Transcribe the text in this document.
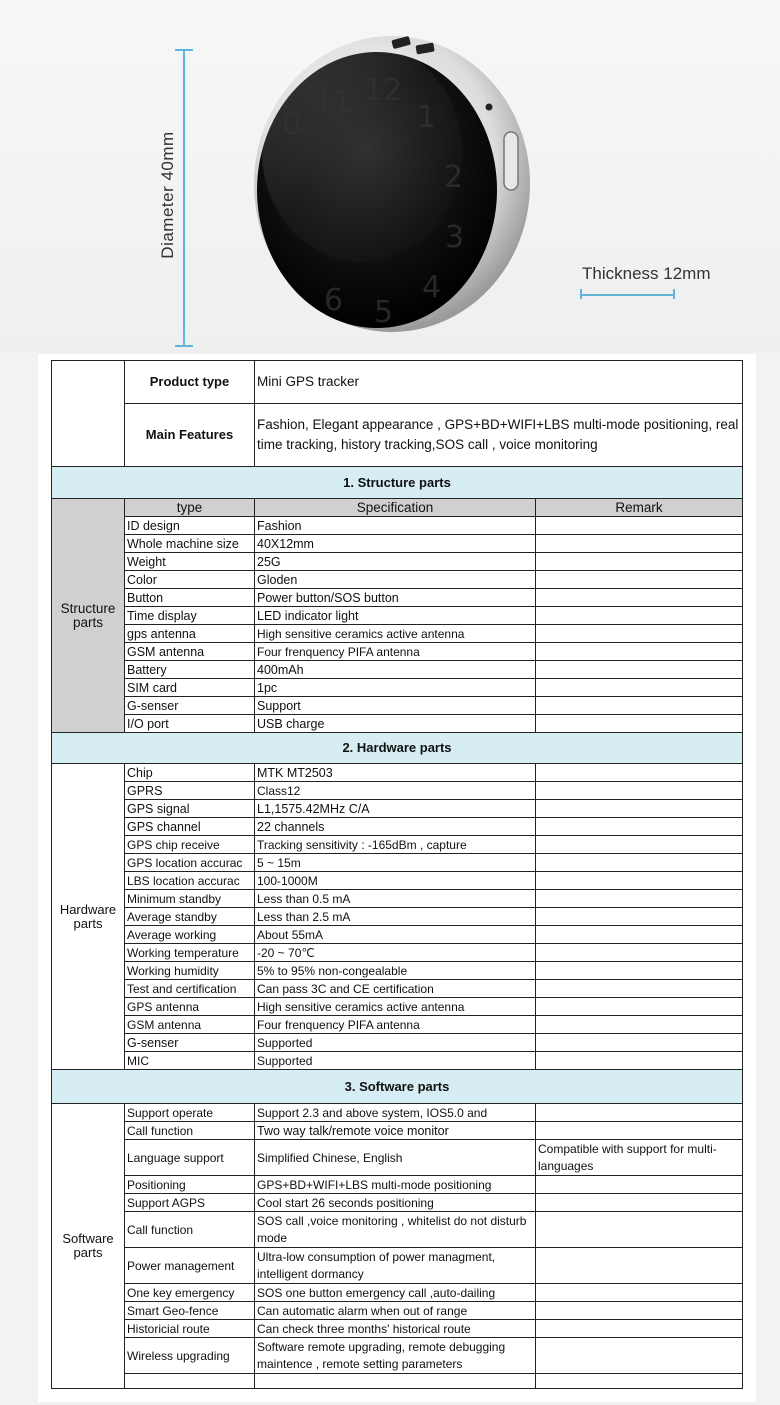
Diameter 40mm
Thickness 12mm
11 12
1
2
3
4
5
6
0
	Product type	Mini GPS tracker	
	Main Features	Fashion, Elegant appearance , GPS+BD+WIFI+LBS multi-mode positioning, real time tracking, history tracking,SOS call , voice monitoring	
1. Structure parts			
Structure parts	type	Specification	Remark
	ID design	Fashion	
	Whole machine size	40X12mm	
	Weight	25G	
	Color	Gloden	
	Button	Power button/SOS button	
	Time display	LED indicator light	
	gps antenna	High sensitive ceramics active antenna	
	GSM antenna	Four frenquency PIFA antenna	
	Battery	400mAh	
	SIM card	1pc	
	G-senser	Support	
	I/O port	USB charge	
2. Hardware parts			
Hardware parts	Chip	MTK MT2503	
	GPRS	Class12	
	GPS signal	L1,1575.42MHz C/A	
	GPS channel	22 channels	
	GPS chip receive	Tracking sensitivity : -165dBm , capture	
	GPS location accurac	5 ~ 15m	
	LBS location accurac	100-1000M	
	Minimum standby	Less than 0.5 mA	
	Average standby	Less than 2.5 mA	
	Average working	About 55mA	
	Working temperature	-20 ~ 70℃	
	Working humidity	5% to 95% non-congealable	
	Test and certification	Can pass 3C and CE certification	
	GPS antenna	High sensitive ceramics active antenna	
	GSM antenna	Four frenquency PIFA antenna	
	G-senser	Supported	
	MIC	Supported	
3. Software parts			
Software parts	Support operate	Support 2.3 and above system, IOS5.0 and	
	Call function	Two way talk/remote voice monitor	
	Language support	Simplified Chinese, English	Compatible with support for multi-languages
	Positioning	GPS+BD+WIFI+LBS multi-mode positioning	
	Support AGPS	Cool start 26 seconds positioning	
	Call function	SOS call ,voice monitoring , whitelist do not disturb mode	
	Power management	Ultra-low consumption of power managment, intelligent dormancy	
	One key emergency	SOS one button emergency call ,auto-dailing	
	Smart Geo-fence	Can automatic alarm when out of range	
	Historicial route	Can check three months' historical route	
	Wireless upgrading	Software remote upgrading, remote debugging maintence , remote setting parameters	
